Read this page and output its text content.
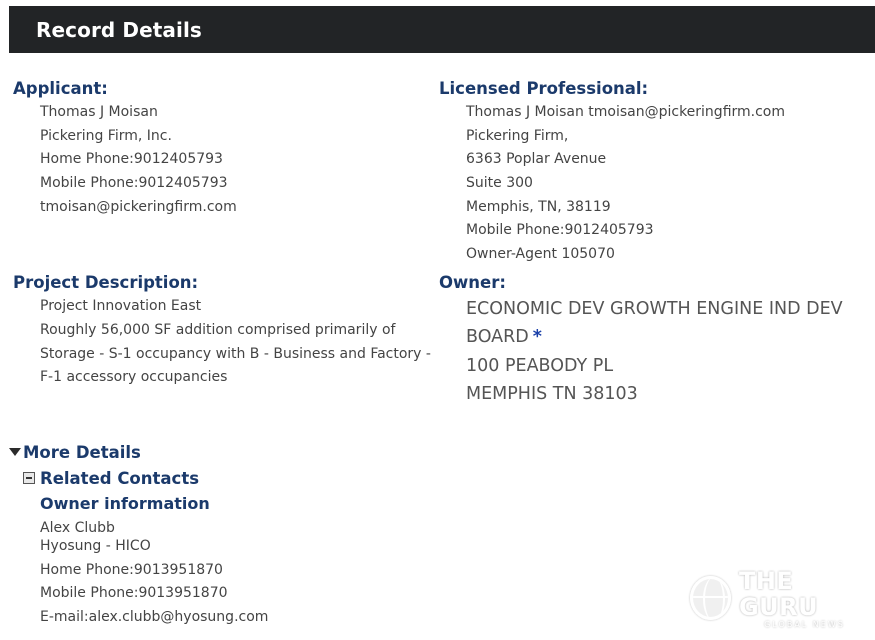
Record Details
Applicant:
Thomas J Moisan
Pickering Firm, Inc.
Home Phone:9012405793
Mobile Phone:9012405793
tmoisan@pickeringfirm.com
Licensed Professional:
Thomas J Moisan tmoisan@pickeringfirm.com
Pickering Firm,
6363 Poplar Avenue
Suite 300
Memphis, TN, 38119
Mobile Phone:9012405793
Owner-Agent 105070
Project Description:
Project Innovation East
Roughly 56,000 SF addition comprised primarily of
Storage - S-1 occupancy with B - Business and Factory -
F-1 accessory occupancies
Owner:
ECONOMIC DEV GROWTH ENGINE IND DEV
BOARD *
100 PEABODY PL
MEMPHIS TN 38103
More Details
Related Contacts
Owner information
Alex Clubb
Hyosung - HICO
Home Phone:9013951870
Mobile Phone:9013951870
E-mail:alex.clubb@hyosung.com
THE GURU
GLOBAL NEWS
